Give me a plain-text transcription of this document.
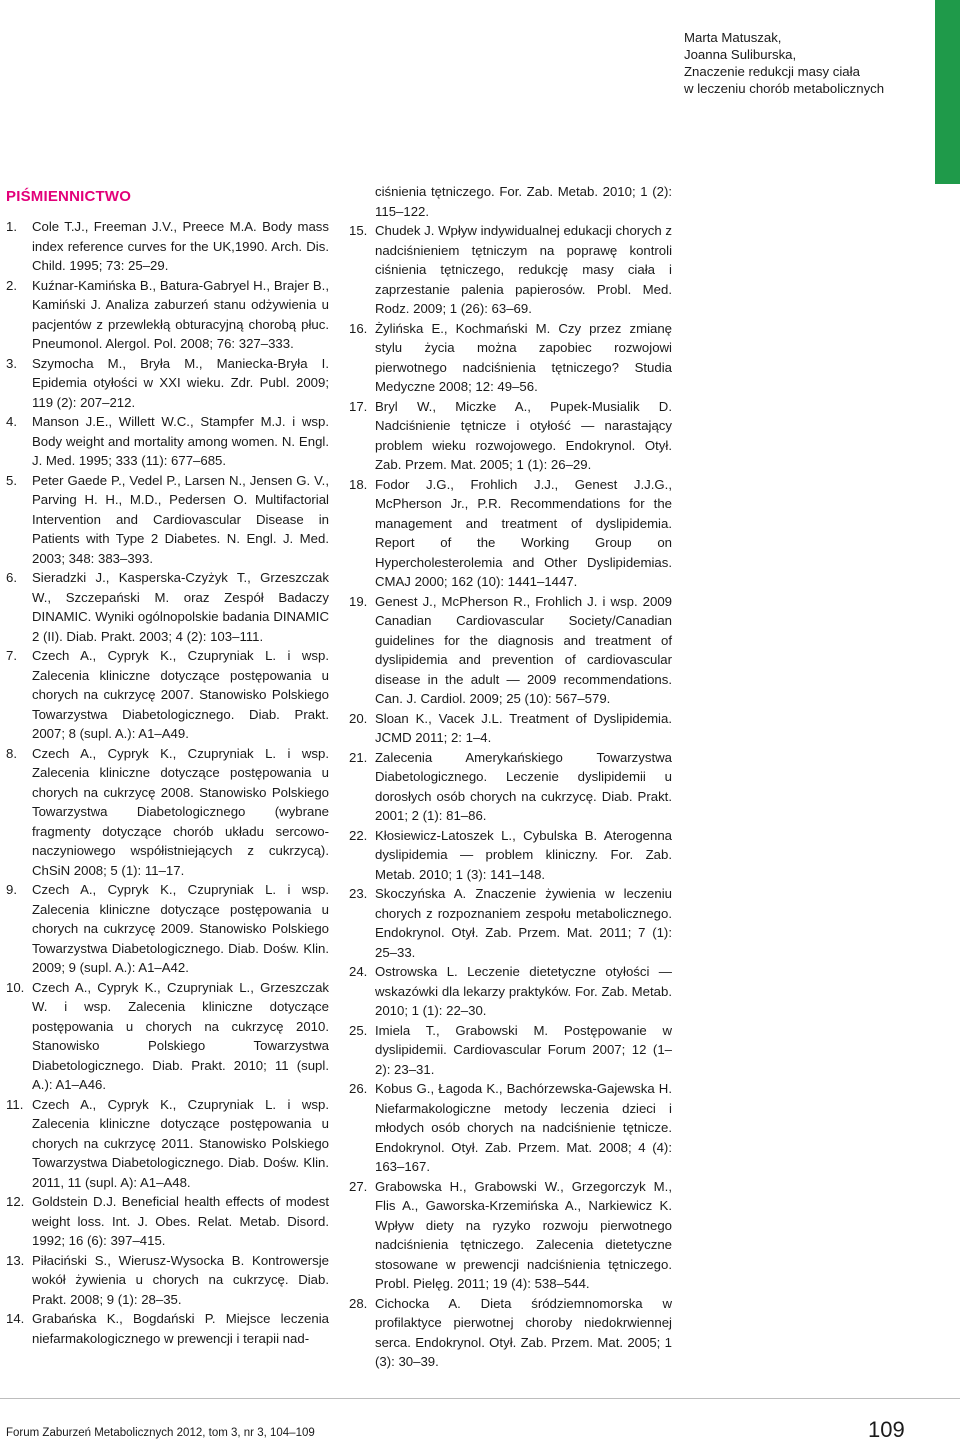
Marta Matuszak,
Joanna Suliburska,
Znaczenie redukcji masy ciała
w leczeniu chorób metabolicznych
PIŚMIENNICTWO
1.	Cole T.J., Freeman J.V., Preece M.A. Body mass index reference curves for the UK,1990. Arch. Dis. Child. 1995; 73: 25–29.
2.	Kuźnar-Kamińska B., Batura-Gabryel H., Brajer B., Kamiński J. Analiza zaburzeń stanu odżywienia u pacjentów z przewlekłą obturacyjną chorobą płuc. Pneumonol. Alergol. Pol. 2008; 76: 327–333.
3.	Szymocha M., Bryła M., Maniecka-Bryła I. Epidemia otyłości w XXI wieku. Zdr. Publ. 2009; 119 (2): 207–212.
4.	Manson J.E., Willett W.C., Stampfer M.J. i wsp. Body weight and mortality among women. N. Engl. J. Med. 1995; 333 (11): 677–685.
5.	Peter Gaede P., Vedel P., Larsen N., Jensen G. V., Parving H. H., M.D., Pedersen O. Multifactorial Intervention and Cardiovascular Disease in Patients with Type 2 Diabetes. N. Engl. J. Med. 2003; 348: 383–393.
6.	Sieradzki J., Kasperska-Czyżyk T., Grzeszczak W., Szczepański M. oraz Zespół Badaczy DINAMIC. Wyniki ogólnopolskie badania DINAMIC 2 (II). Diab. Prakt. 2003; 4 (2): 103–111.
7.	Czech A., Cypryk K., Czupryniak L. i wsp. Zalecenia kliniczne dotyczące postępowania u chorych na cukrzycę 2007. Stanowisko Polskiego Towarzystwa Diabetologicznego. Diab. Prakt. 2007; 8 (supl. A.): A1–A49.
8.	Czech A., Cypryk K., Czupryniak L. i wsp. Zalecenia kliniczne dotyczące postępowania u chorych na cukrzycę 2008. Stanowisko Polskiego Towarzystwa Diabetologicznego (wybrane fragmenty dotyczące chorób układu sercowo-naczyniowego współistniejących z cukrzycą). ChSiN 2008; 5 (1): 11–17.
9.	Czech A., Cypryk K., Czupryniak L. i wsp. Zalecenia kliniczne dotyczące postępowania u chorych na cukrzycę 2009. Stanowisko Polskiego Towarzystwa Diabetologicznego. Diab. Dośw. Klin. 2009; 9 (supl. A.): A1–A42.
10. Czech A., Cypryk K., Czupryniak L., Grzeszczak W. i wsp. Zalecenia kliniczne dotyczące postępowania u chorych na cukrzycę 2010. Stanowisko Polskiego Towarzystwa Diabetologicznego. Diab. Prakt. 2010; 11 (supl. A.): A1–A46.
11. Czech A., Cypryk K., Czupryniak L. i wsp. Zalecenia kliniczne dotyczące postępowania u chorych na cukrzycę 2011. Stanowisko Polskiego Towarzystwa Diabetologicznego. Diab. Dośw. Klin. 2011, 11 (supl. A): A1–A48.
12. Goldstein D.J. Beneficial health effects of modest weight loss. Int. J. Obes. Relat. Metab. Disord. 1992; 16 (6): 397–415.
13. Piłaciński S., Wierusz-Wysocka B. Kontrowersje wokół żywienia u chorych na cukrzycę. Diab. Prakt. 2008; 9 (1): 28–35.
14. Grabańska K., Bogdański P. Miejsce leczenia niefarmakologicznego w prewencji i terapii nad-
ciśnienia tętniczego. For. Zab. Metab. 2010; 1 (2): 115–122.
15. Chudek J. Wpływ indywidualnej edukacji chorych z nadciśnieniem tętniczym na poprawę kontroli ciśnienia tętniczego, redukcję masy ciała i zaprzestanie palenia papierosów. Probl. Med. Rodz. 2009; 1 (26): 63–69.
16. Żylińska E., Kochmański M. Czy przez zmianę stylu życia można zapobiec rozwojowi pierwotnego nadciśnienia tętniczego? Studia Medyczne 2008; 12: 49–56.
17. Bryl W., Miczke A., Pupek-Musialik D. Nadciśnienie tętnicze i otyłość — narastający problem wieku rozwojowego. Endokrynol. Otył. Zab. Przem. Mat. 2005; 1 (1): 26–29.
18. Fodor J.G., Frohlich J.J., Genest J.J.G., McPherson Jr., P.R. Recommendations for the management and treatment of dyslipidemia. Report of the Working Group on Hypercholesterolemia and Other Dyslipidemias. CMAJ 2000; 162 (10): 1441–1447.
19. Genest J., McPherson R., Frohlich J. i wsp. 2009 Canadian Cardiovascular Society/Canadian guidelines for the diagnosis and treatment of dyslipidemia and prevention of cardiovascular disease in the adult — 2009 recommendations. Can. J. Cardiol. 2009; 25 (10): 567–579.
20. Sloan K., Vacek J.L. Treatment of Dyslipidemia. JCMD 2011; 2: 1–4.
21. Zalecenia Amerykańskiego Towarzystwa Diabetologicznego. Leczenie dyslipidemii u dorosłych osób chorych na cukrzycę. Diab. Prakt. 2001; 2 (1): 81–86.
22. Kłosiewicz-Latoszek L., Cybulska B. Aterogenna dyslipidemia — problem kliniczny. For. Zab. Metab. 2010; 1 (3): 141–148.
23. Skoczyńska A. Znaczenie żywienia w leczeniu chorych z rozpoznaniem zespołu metabolicznego. Endokrynol. Otył. Zab. Przem. Mat. 2011; 7 (1): 25–33.
24. Ostrowska L. Leczenie dietetyczne otyłości — wskazówki dla lekarzy praktyków. For. Zab. Metab. 2010; 1 (1): 22–30.
25. Imiela T., Grabowski M. Postępowanie w dyslipidemii. Cardiovascular Forum 2007; 12 (1–2): 23–31.
26. Kobus G., Łagoda K., Bachórzewska-Gajewska H. Niefarmakologiczne metody leczenia dzieci i młodych osób chorych na nadciśnienie tętnicze. Endokrynol. Otył. Zab. Przem. Mat. 2008; 4 (4): 163–167.
27. Grabowska H., Grabowski W., Grzegorczyk M., Flis A., Gaworska-Krzemińska A., Narkiewicz K. Wpływ diety na ryzyko rozwoju pierwotnego nadciśnienia tętniczego. Zalecenia dietetyczne stosowane w prewencji nadciśnienia tętniczego. Probl. Pielęg. 2011; 19 (4): 538–544.
28. Cichocka A. Dieta śródziemnomorska w profilaktyce pierwotnej choroby niedokrwiennej serca. Endokrynol. Otył. Zab. Przem. Mat. 2005; 1 (3): 30–39.
Forum Zaburzeń Metabolicznych 2012, tom 3, nr 3, 104–109	109
